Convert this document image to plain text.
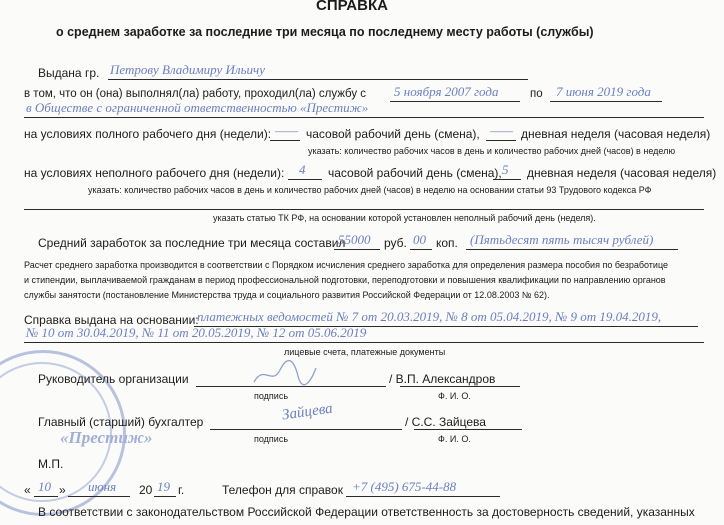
«Престиж»
СПРАВКА
о среднем заработке за последние три месяца по последнему месту работы (службы)
Выдана гр. Петрову Владимиру Ильичу
в том, что он (она) выполнял(ла) работу, проходил(ла) службу с 5 ноября 2007 года	по 7 июня 2019 года
в Обществе с ограниченной ответственностью «Престиж»
на условиях полного рабочего дня (недели): —— часовой рабочий день (смена), —— дневная неделя (часовая неделя)
указать: количество рабочих часов в день и количество рабочих дней (часов) в неделю
на условиях неполного рабочего дня (недели): 4 часовой рабочий день (смена), 5 дневная неделя (часовая неделя)
указать: количество рабочих часов в день и количество рабочих дней (часов) в неделю на основании статьи 93 Трудового кодекса РФ
указать статью ТК РФ, на основании которой установлен неполный рабочий день (неделя).
Средний заработок за последние три месяца составил
55000 руб. 00 коп. (Пятьдесят пять тысяч рублей)
Расчет среднего заработка производится в соответствии с Порядком исчисления среднего заработка для определения размера пособия по безработице
и стипендии, выплачиваемой гражданам в период профессиональной подготовки, переподготовки и повышения квалификации по направлению органов
службы занятости (постановление Министерства труда и социального развития Российской Федерации от 12.08.2003 № 62).
Справка выдана на основании:
платежных ведомостей № 7 от 20.03.2019, № 8 от 05.04.2019, № 9 от 19.04.2019,
№ 10 от 30.04.2019, № 11 от 20.05.2019, № 12 от 05.06.2019
лицевые счета, платежные документы
Руководитель организации	/ В.П. Александров
подпись	Ф. И. О.
Главный (старший) бухгалтер	Зайцева	/ С.С. Зайцева
подпись	Ф. И. О.
М.П.
« 10 » июня 20 19 г.	Телефон для справок +7 (495) 675-44-88
В соответствии с законодательством Российской Федерации ответственность за достоверность сведений, указанных
